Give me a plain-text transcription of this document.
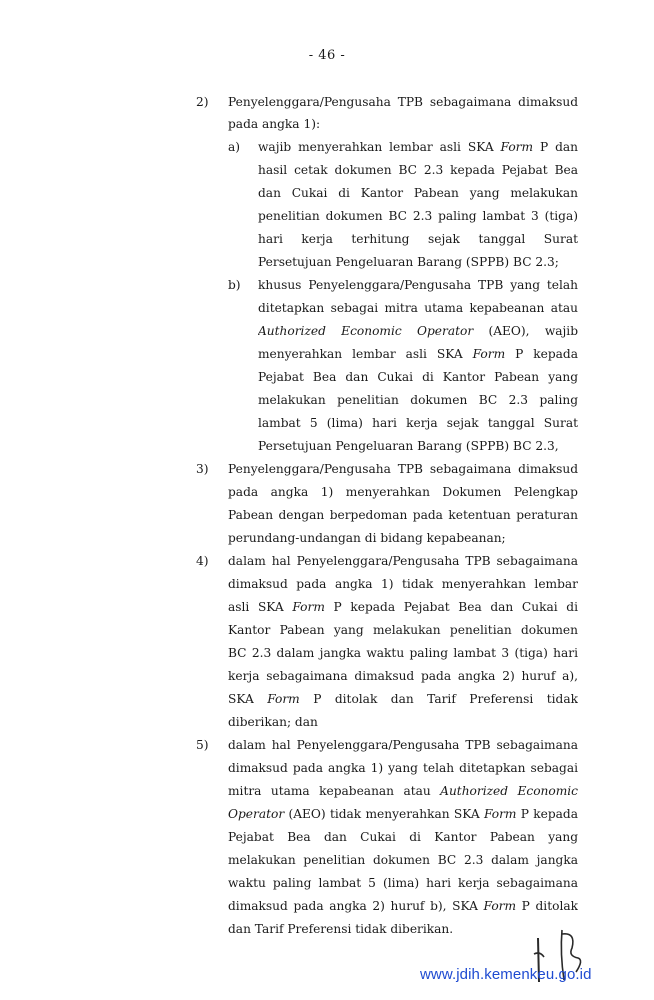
- 46 -
2) Penyelenggara/Pengusaha TPB sebagaimana dimaksud
pada angka 1):
a) wajib menyerahkan lembar asli SKA Form P dan
hasil cetak dokumen BC 2.3 kepada Pejabat Bea
dan Cukai di Kantor Pabean yang melakukan
penelitian dokumen BC 2.3 paling lambat 3 (tiga)
hari kerja terhitung sejak tanggal Surat
Persetujuan Pengeluaran Barang (SPPB) BC 2.3;
b) khusus Penyelenggara/Pengusaha TPB yang telah
ditetapkan sebagai mitra utama kepabeanan atau
Authorized Economic Operator (AEO), wajib
menyerahkan lembar asli SKA Form P kepada
Pejabat Bea dan Cukai di Kantor Pabean yang
melakukan penelitian dokumen BC 2.3 paling
lambat 5 (lima) hari kerja sejak tanggal Surat
Persetujuan Pengeluaran Barang (SPPB) BC 2.3,
3) Penyelenggara/Pengusaha TPB sebagaimana dimaksud
pada angka 1) menyerahkan Dokumen Pelengkap
Pabean dengan berpedoman pada ketentuan peraturan
perundang-undangan di bidang kepabeanan;
4) dalam hal Penyelenggara/Pengusaha TPB sebagaimana
dimaksud pada angka 1) tidak menyerahkan lembar
asli SKA Form P kepada Pejabat Bea dan Cukai di
Kantor Pabean yang melakukan penelitian dokumen
BC 2.3 dalam jangka waktu paling lambat 3 (tiga) hari
kerja sebagaimana dimaksud pada angka 2) huruf a),
SKA Form P ditolak dan Tarif Preferensi tidak
diberikan; dan
5) dalam hal Penyelenggara/Pengusaha TPB sebagaimana
dimaksud pada angka 1) yang telah ditetapkan sebagai
mitra utama kepabeanan atau Authorized Economic
Operator (AEO) tidak menyerahkan SKA Form P kepada
Pejabat Bea dan Cukai di Kantor Pabean yang
melakukan penelitian dokumen BC 2.3 dalam jangka
waktu paling lambat 5 (lima) hari kerja sebagaimana
dimaksud pada angka 2) huruf b), SKA Form P ditolak
dan Tarif Preferensi tidak diberikan.
www.jdih.kemenkeu.go.id
